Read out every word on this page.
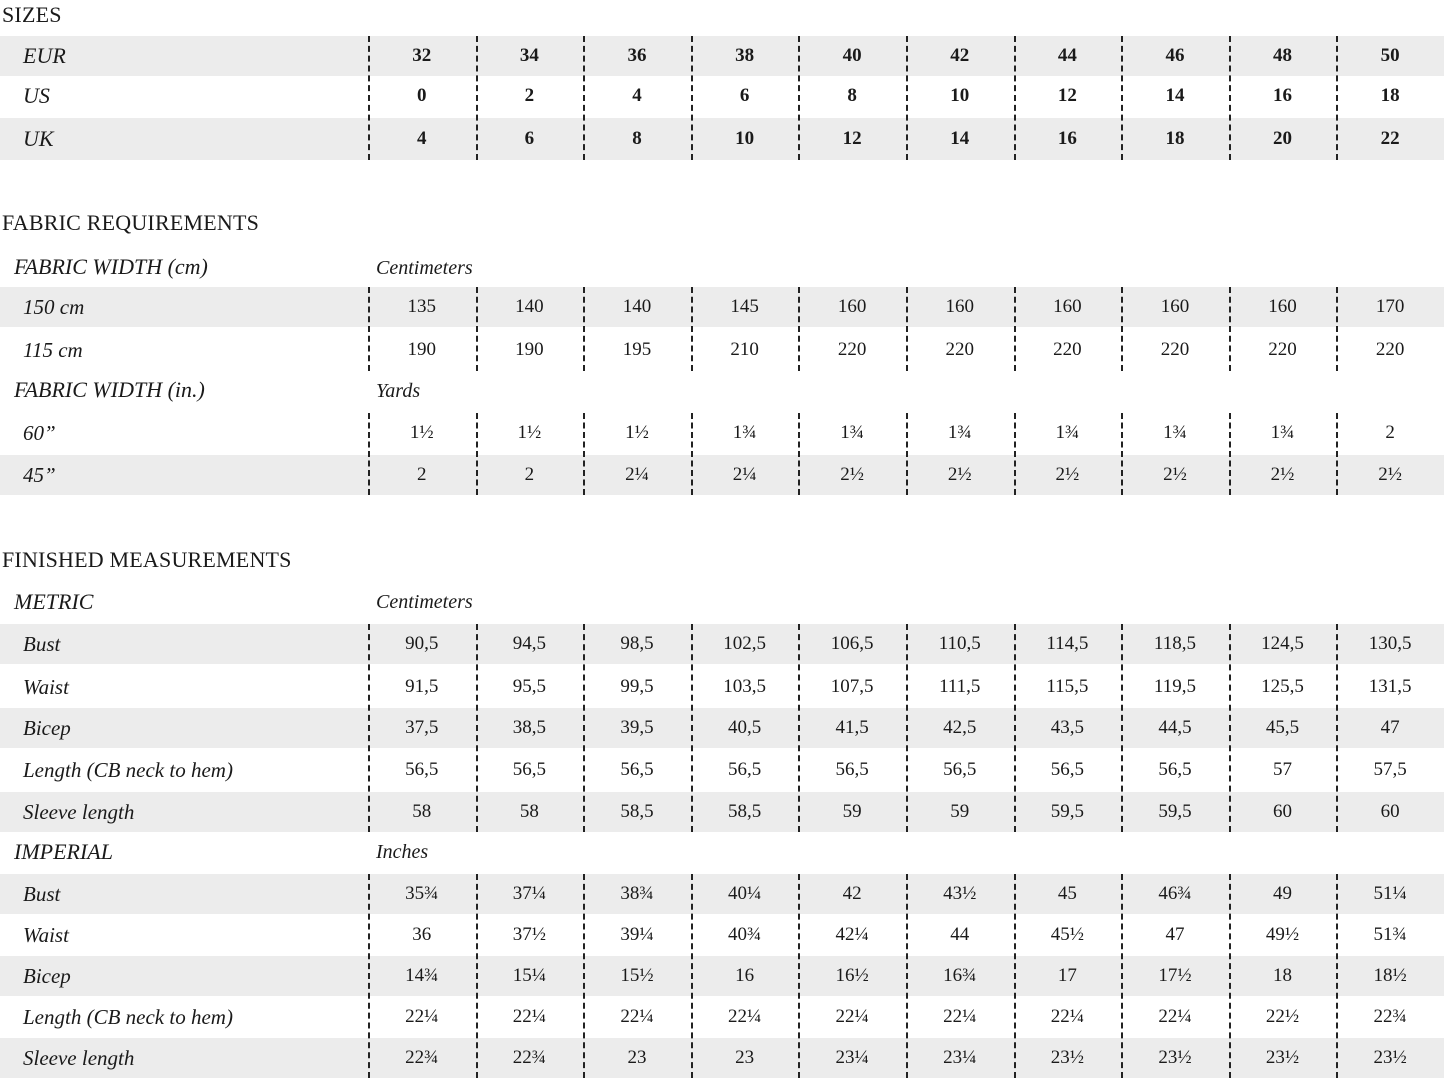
SIZES
EUR	32	34	36	38	40	42	44	46	48	50
US	0	2	4	6	8	10	12	14	16	18
UK	4	6	8	10	12	14	16	18	20	22
FABRIC REQUIREMENTS
FABRIC WIDTH (cm)	Centimeters
150 cm	135	140	140	145	160	160	160	160	160	170
115 cm	190	190	195	210	220	220	220	220	220	220
FABRIC WIDTH (in.)	Yards
60”	1½	1½	1½	1¾	1¾	1¾	1¾	1¾	1¾	2
45”	2	2	2¼	2¼	2½	2½	2½	2½	2½	2½
FINISHED MEASUREMENTS
METRIC	Centimeters
Bust	90,5	94,5	98,5	102,5	106,5	110,5	114,5	118,5	124,5	130,5
Waist	91,5	95,5	99,5	103,5	107,5	111,5	115,5	119,5	125,5	131,5
Bicep	37,5	38,5	39,5	40,5	41,5	42,5	43,5	44,5	45,5	47
Length (CB neck to hem)	56,5	56,5	56,5	56,5	56,5	56,5	56,5	56,5	57	57,5
Sleeve length	58	58	58,5	58,5	59	59	59,5	59,5	60	60
IMPERIAL	Inches
Bust	35¾	37¼	38¾	40¼	42	43½	45	46¾	49	51¼
Waist	36	37½	39¼	40¾	42¼	44	45½	47	49½	51¾
Bicep	14¾	15¼	15½	16	16½	16¾	17	17½	18	18½
Length (CB neck to hem)	22¼	22¼	22¼	22¼	22¼	22¼	22¼	22¼	22½	22¾
Sleeve length	22¾	22¾	23	23	23¼	23¼	23½	23½	23½	23½
